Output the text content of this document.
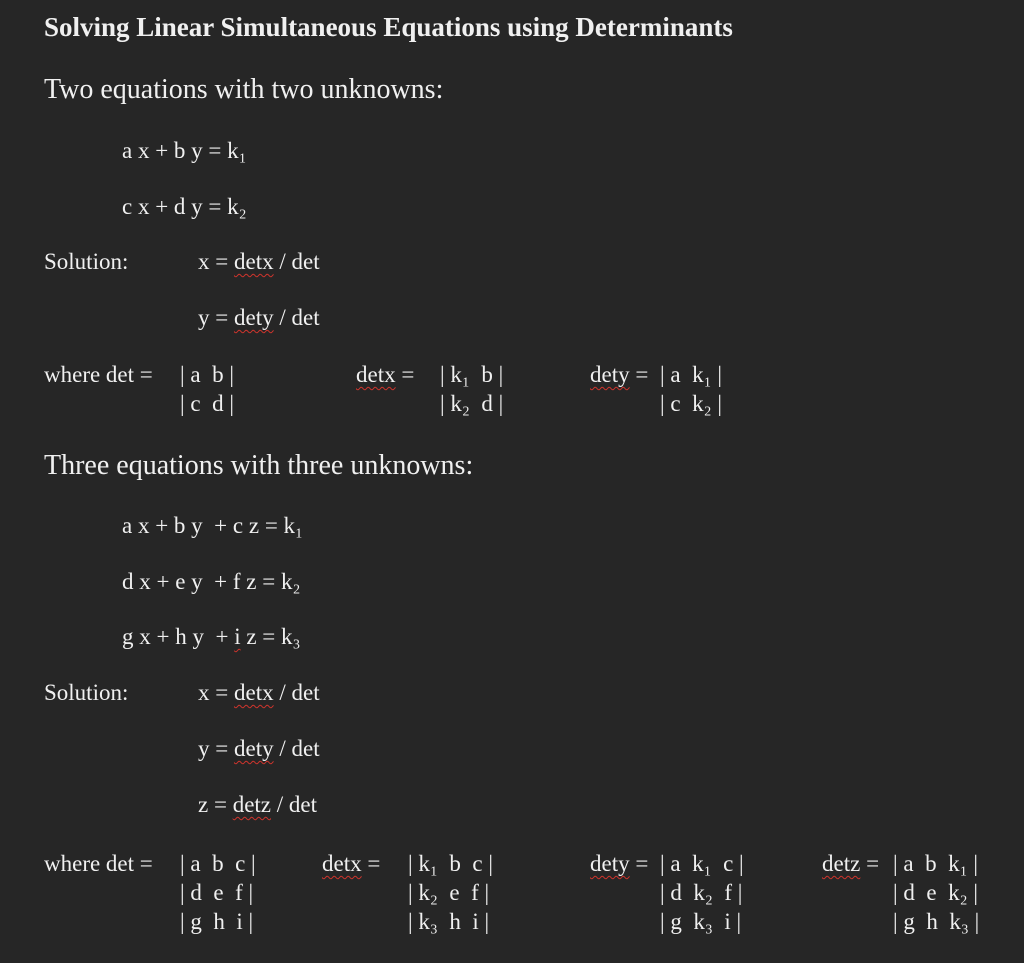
Solving Linear Simultaneous Equations using Determinants
Two equations with two unknowns:
a x + b y = k₁
c x + d y = k₂
Solution:	x = detx / det
y = dety / det
where det = | a  b |
| c  d |
detx = | k₁  b |
| k₂  d |
dety = | a  k₁ |
| c  k₂ |
Three equations with three unknowns:
a x + b y  + c z = k₁
d x + e y  + f z = k₂
g x + h y  + i z = k₃
Solution:	x = detx / det
y = dety / det
z = detz / det
where det = | a  b  c |
| d  e  f |
| g  h  i |
detx = | k₁  b  c |
| k₂  e  f |
| k₃  h  i |
dety = | a  k₁  c |
| d  k₂  f |
| g  k₃  i |
detz = | a  b  k₁ |
| d  e  k₂ |
| g  h  k₃ |
